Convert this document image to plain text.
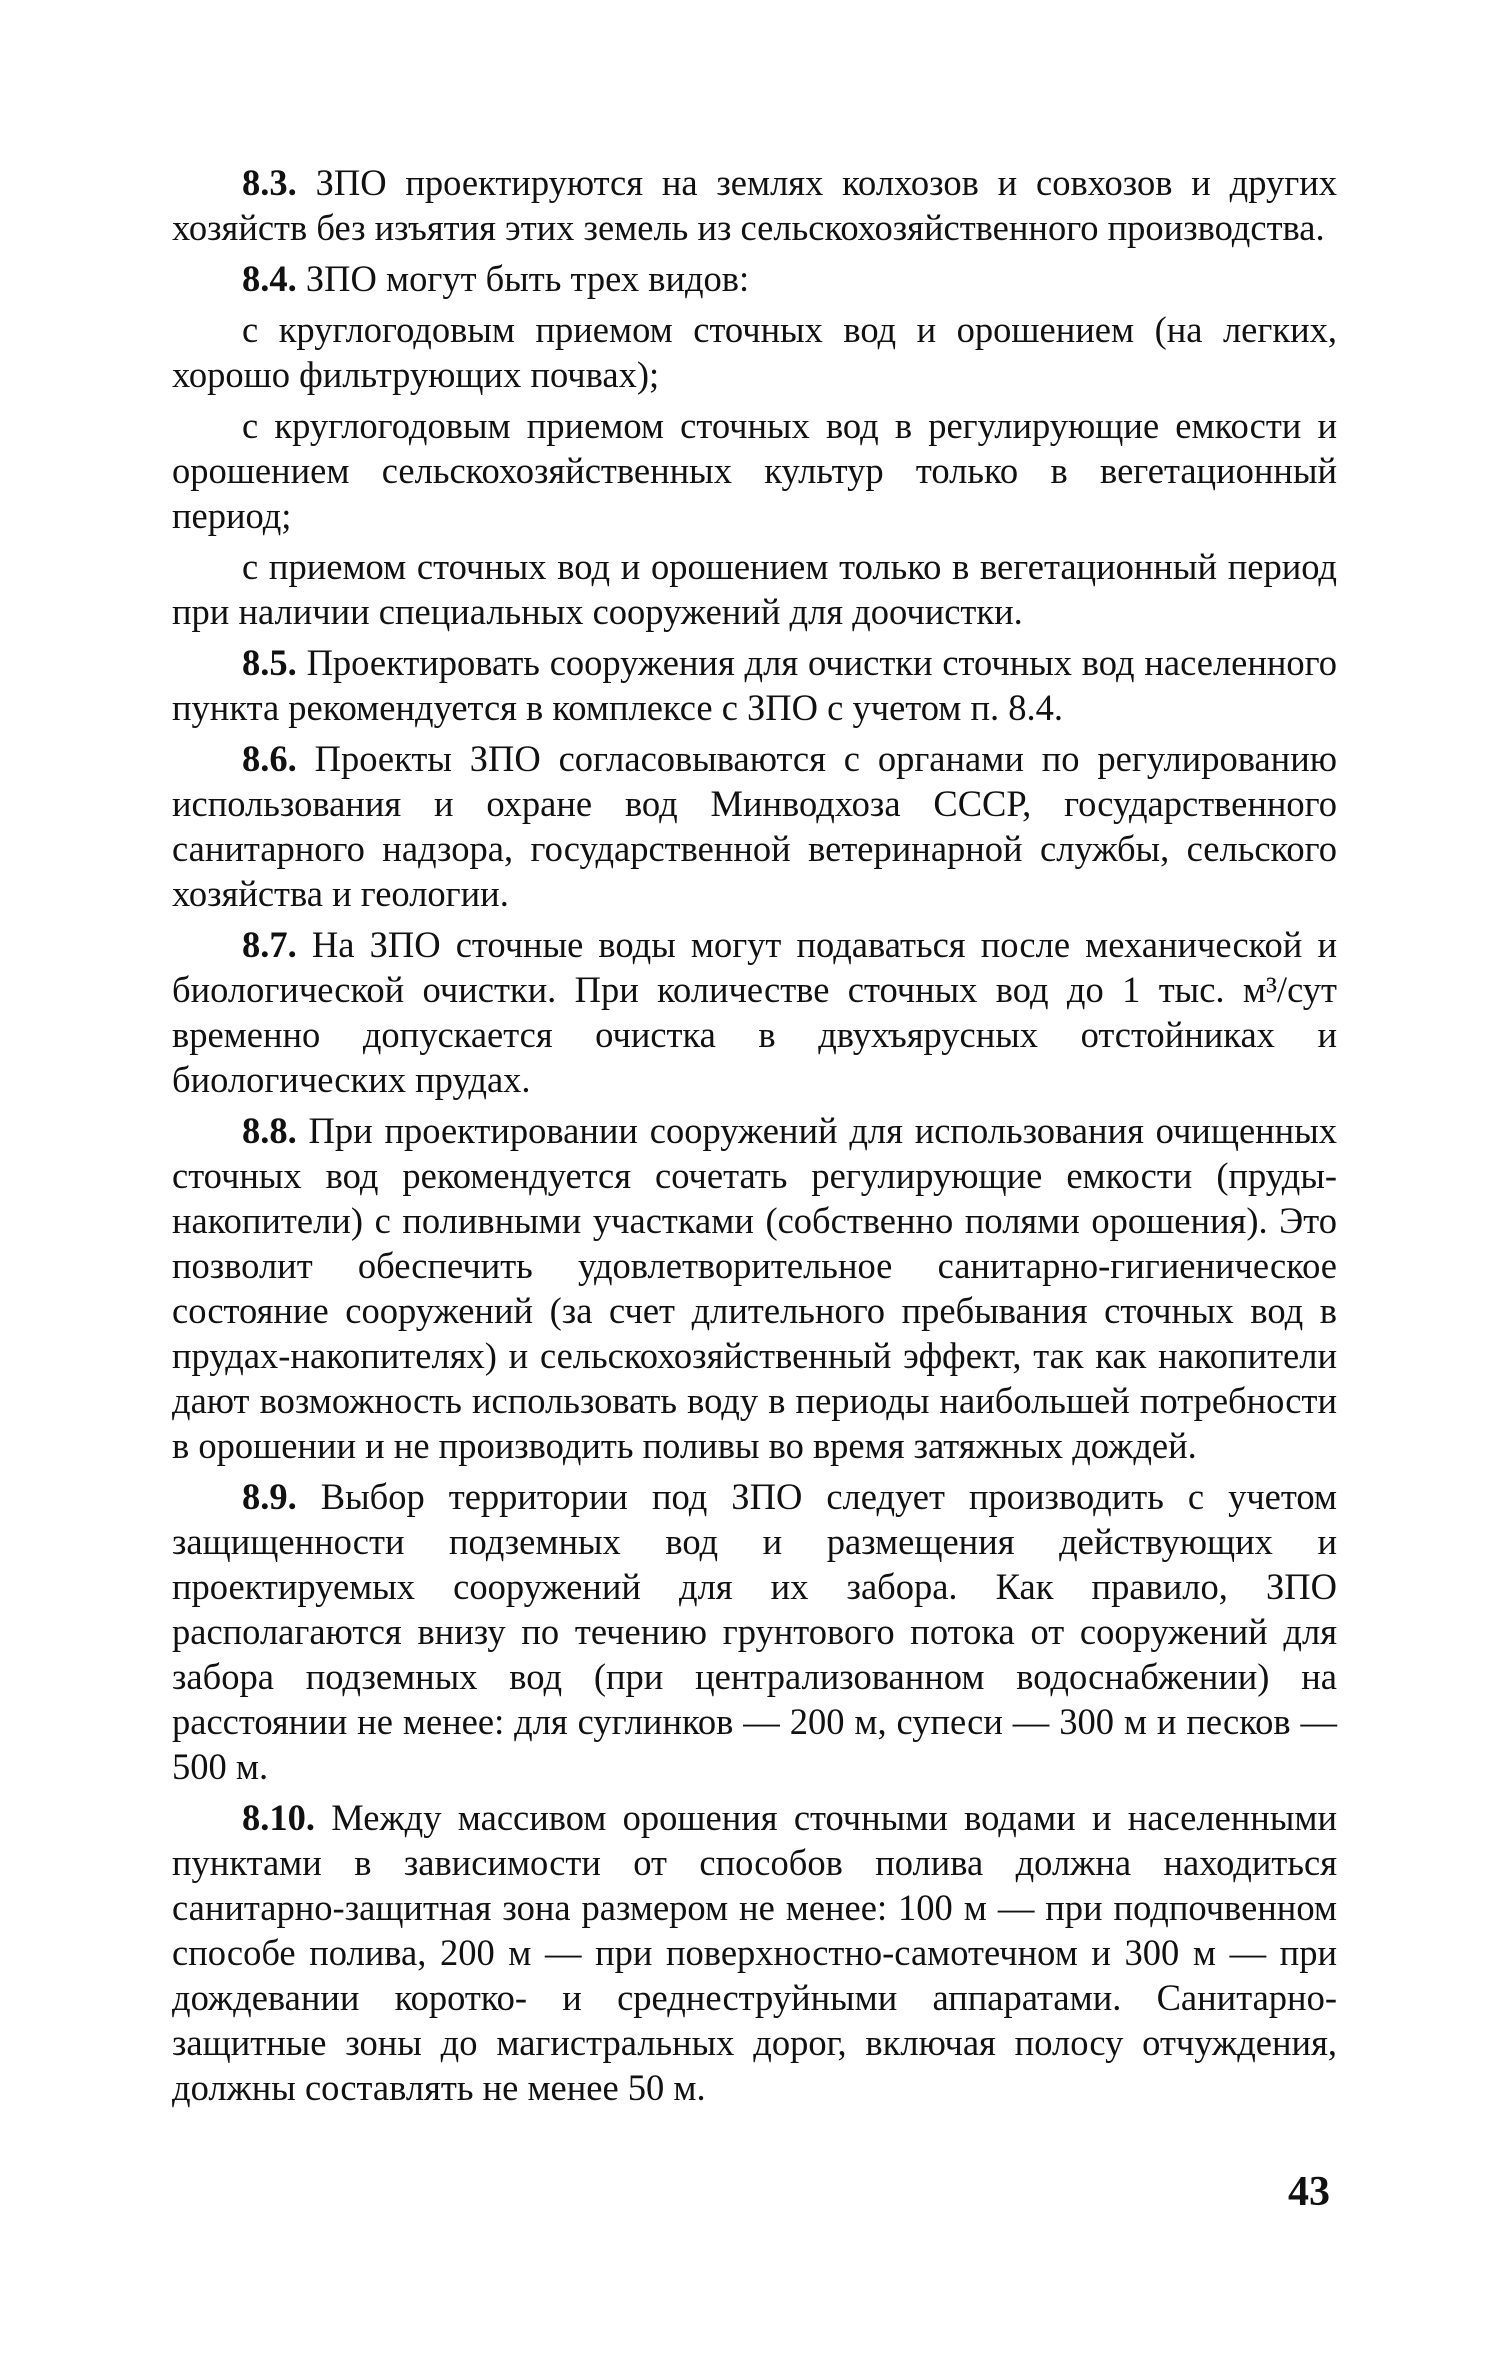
8.3. ЗПО проектируются на землях колхозов и совхозов и других хозяйств без изъятия этих земель из сельскохозяйственного производства.

8.4. ЗПО могут быть трех видов:

с круглогодовым приемом сточных вод и орошением (на легких, хорошо фильтрующих почвах);

с круглогодовым приемом сточных вод в регулирующие емкости и орошением сельскохозяйственных культур только в вегетационный период;

с приемом сточных вод и орошением только в вегетационный период при наличии специальных сооружений для доочистки.

8.5. Проектировать сооружения для очистки сточных вод населенного пункта рекомендуется в комплексе с ЗПО с учетом п. 8.4.

8.6. Проекты ЗПО согласовываются с органами по регулированию использования и охране вод Минводхоза СССР, государственного санитарного надзора, государственной ветеринарной службы, сельского хозяйства и геологии.

8.7. На ЗПО сточные воды могут подаваться после механической и биологической очистки. При количестве сточных вод до 1 тыс. м³/сут временно допускается очистка в двухъярусных отстойниках и биологических прудах.

8.8. При проектировании сооружений для использования очищенных сточных вод рекомендуется сочетать регулирующие емкости (пруды-накопители) с поливными участками (собственно полями орошения). Это позволит обеспечить удовлетворительное санитарно-гигиеническое состояние сооружений (за счет длительного пребывания сточных вод в прудах-накопителях) и сельскохозяйственный эффект, так как накопители дают возможность использовать воду в периоды наибольшей потребности в орошении и не производить поливы во время затяжных дождей.

8.9. Выбор территории под ЗПО следует производить с учетом защищенности подземных вод и размещения действующих и проектируемых сооружений для их забора. Как правило, ЗПО располагаются внизу по течению грунтового потока от сооружений для забора подземных вод (при централизованном водоснабжении) на расстоянии не менее: для суглинков — 200 м, супеси — 300 м и песков — 500 м.

8.10. Между массивом орошения сточными водами и населенными пунктами в зависимости от способов полива должна находиться санитарно-защитная зона размером не менее: 100 м — при подпочвенном способе полива, 200 м — при поверхностно-самотечном и 300 м — при дождевании коротко- и среднеструйными аппаратами. Санитарно-защитные зоны до магистральных дорог, включая полосу отчуждения, должны составлять не менее 50 м.

43
